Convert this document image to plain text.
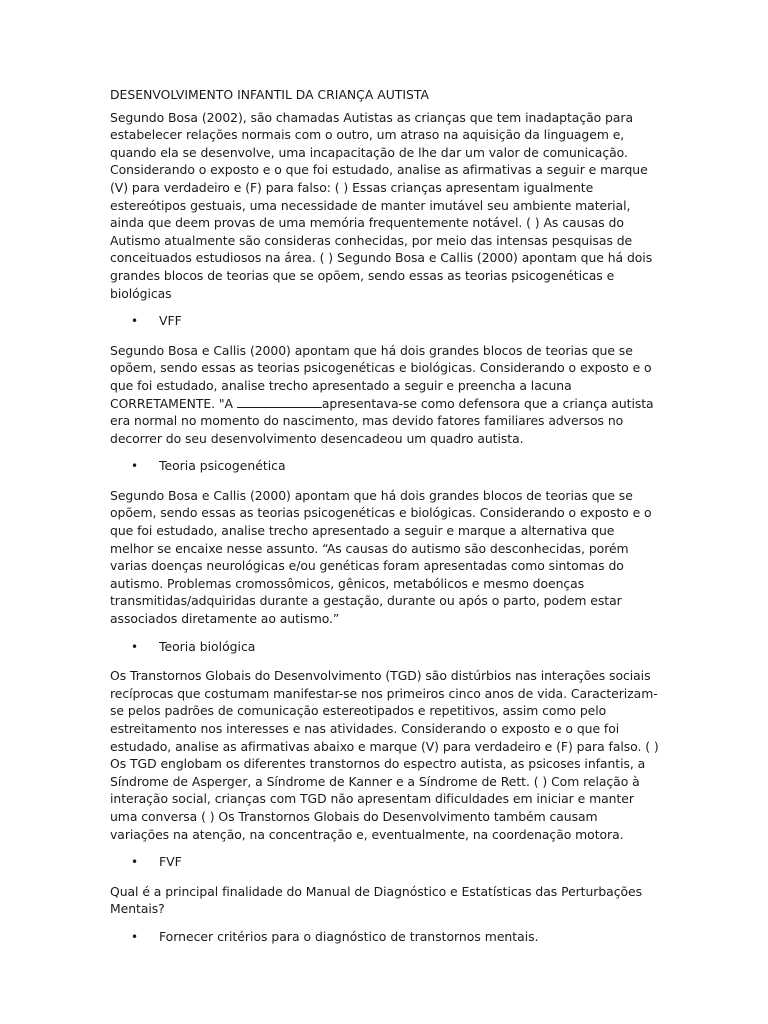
DESENVOLVIMENTO INFANTIL DA CRIANÇA AUTISTA

Segundo Bosa (2002), são chamadas Autistas as crianças que tem inadaptação para estabelecer relações normais com o outro, um atraso na aquisição da linguagem e, quando ela se desenvolve, uma incapacitação de lhe dar um valor de comunicação. Considerando o exposto e o que foi estudado, analise as afirmativas a seguir e marque (V) para verdadeiro e (F) para falso: ( ) Essas crianças apresentam igualmente estereótipos gestuais, uma necessidade de manter imutável seu ambiente material, ainda que deem provas de uma memória frequentemente notável. ( ) As causas do Autismo atualmente são consideras conhecidas, por meio das intensas pesquisas de conceituados estudiosos na área. ( ) Segundo Bosa e Callis (2000) apontam que há dois grandes blocos de teorias que se opõem, sendo essas as teorias psicogenéticas e biológicas

•	VFF

Segundo Bosa e Callis (2000) apontam que há dois grandes blocos de teorias que se opõem, sendo essas as teorias psicogenéticas e biológicas. Considerando o exposto e o que foi estudado, analise trecho apresentado a seguir e preencha a lacuna CORRETAMENTE. "A	apresentava-se como defensora que a criança autista era normal no momento do nascimento, mas devido fatores familiares adversos no decorrer do seu desenvolvimento desencadeou um quadro autista.

•	Teoria psicogenética

Segundo Bosa e Callis (2000) apontam que há dois grandes blocos de teorias que se opõem, sendo essas as teorias psicogenéticas e biológicas. Considerando o exposto e o que foi estudado, analise trecho apresentado a seguir e marque a alternativa que melhor se encaixe nesse assunto. “As causas do autismo são desconhecidas, porém varias doenças neurológicas e/ou genéticas foram apresentadas como sintomas do autismo. Problemas cromossômicos, gênicos, metabólicos e mesmo doenças transmitidas/adquiridas durante a gestação, durante ou após o parto, podem estar associados diretamente ao autismo.”

•	Teoria biológica

Os Transtornos Globais do Desenvolvimento (TGD) são distúrbios nas interações sociais recíprocas que costumam manifestar-se nos primeiros cinco anos de vida. Caracterizam-se pelos padrões de comunicação estereotipados e repetitivos, assim como pelo estreitamento nos interesses e nas atividades. Considerando o exposto e o que foi estudado, analise as afirmativas abaixo e marque (V) para verdadeiro e (F) para falso. ( ) Os TGD englobam os diferentes transtornos do espectro autista, as psicoses infantis, a Síndrome de Asperger, a Síndrome de Kanner e a Síndrome de Rett. ( ) Com relação à interação social, crianças com TGD não apresentam dificuldades em iniciar e manter uma conversa ( ) Os Transtornos Globais do Desenvolvimento também causam variações na atenção, na concentração e, eventualmente, na coordenação motora.

•	FVF

Qual é a principal finalidade do Manual de Diagnóstico e Estatísticas das Perturbações Mentais?

•	Fornecer critérios para o diagnóstico de transtornos mentais.
